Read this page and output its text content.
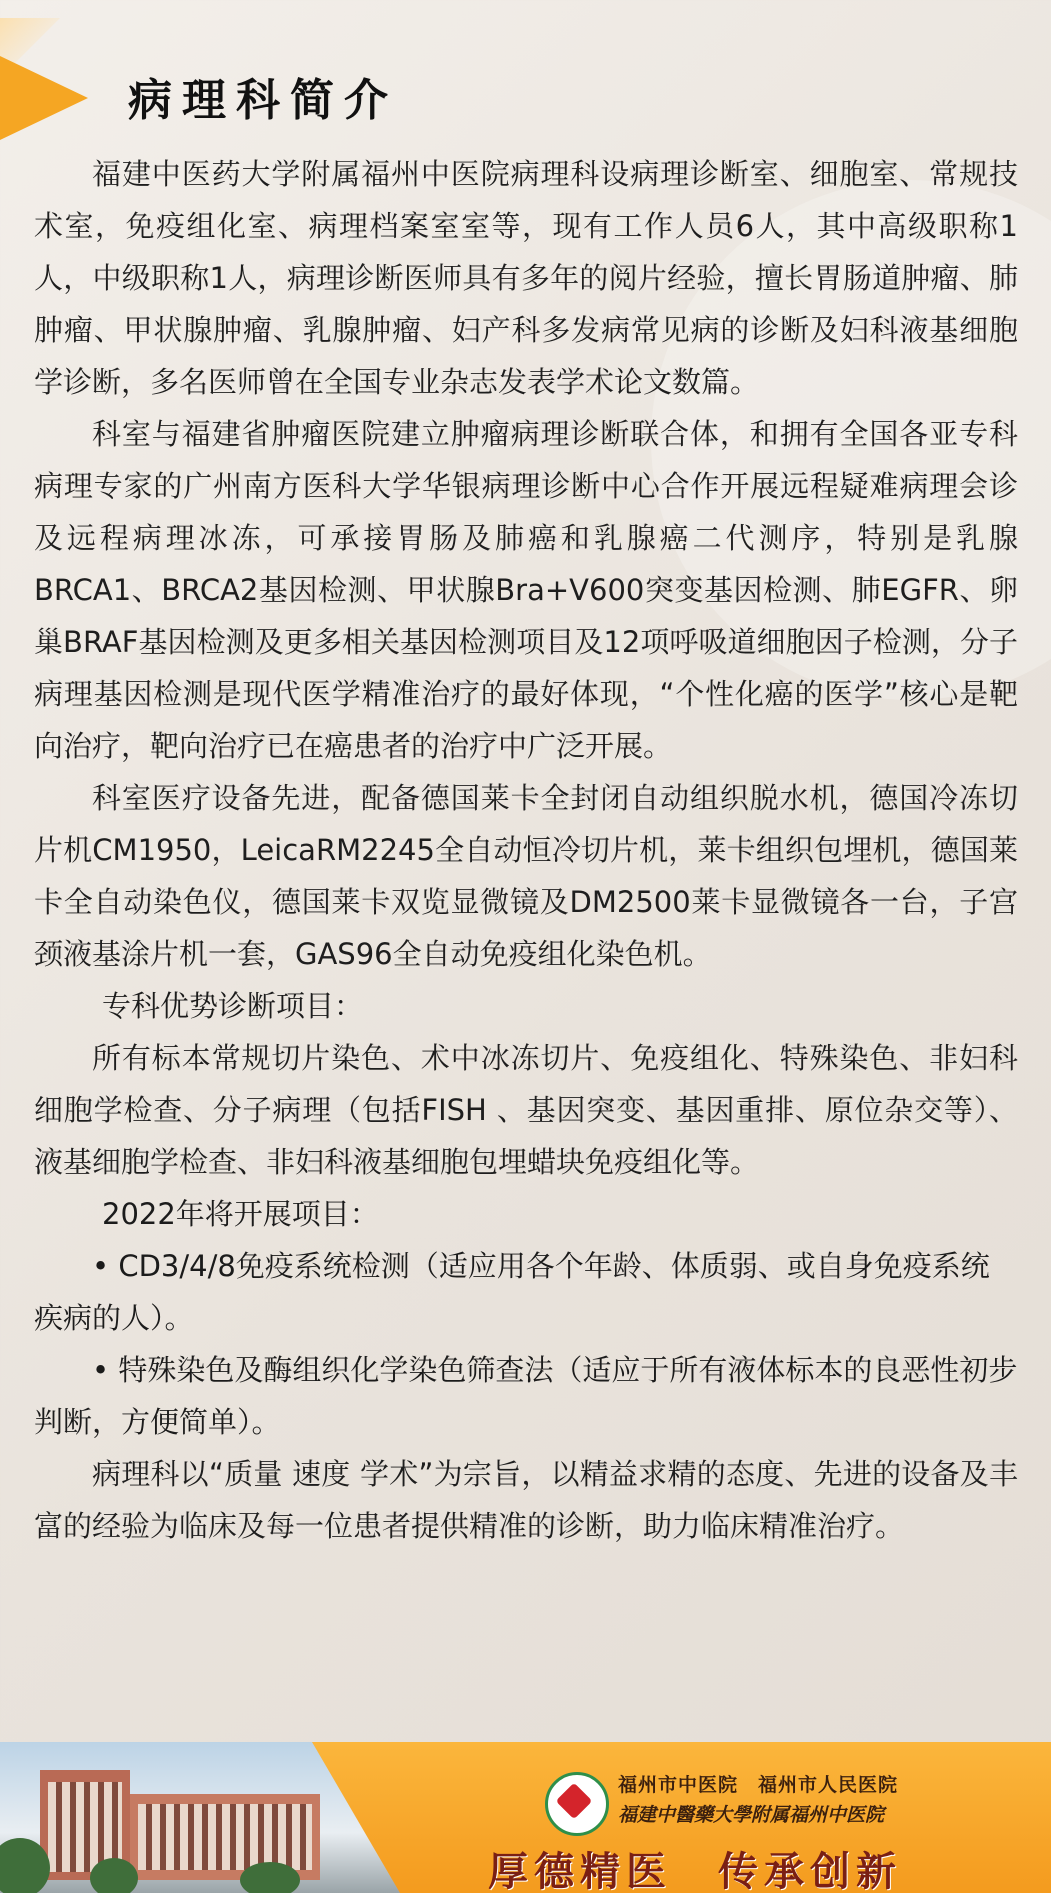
病理科简介

福建中医药大学附属福州中医院病理科设病理诊断室、细胞室、常规技术室，免疫组化室、病理档案室室等，现有工作人员6人，其中高级职称1人，中级职称1人，病理诊断医师具有多年的阅片经验，擅长胃肠道肿瘤、肺肿瘤、甲状腺肿瘤、乳腺肿瘤、妇产科多发病常见病的诊断及妇科液基细胞学诊断，多名医师曾在全国专业杂志发表学术论文数篇。

科室与福建省肿瘤医院建立肿瘤病理诊断联合体，和拥有全国各亚专科病理专家的广州南方医科大学华银病理诊断中心合作开展远程疑难病理会诊及远程病理冰冻，可承接胃肠及肺癌和乳腺癌二代测序，特别是乳腺BRCA1、BRCA2基因检测、甲状腺Bra+V600突变基因检测、肺EGFR、卵巢BRAF基因检测及更多相关基因检测项目及12项呼吸道细胞因子检测，分子病理基因检测是现代医学精准治疗的最好体现，“个性化癌的医学”核心是靶向治疗，靶向治疗已在癌患者的治疗中广泛开展。

科室医疗设备先进，配备德国莱卡全封闭自动组织脱水机，德国冷冻切片机CM1950，LeicaRM2245全自动恒冷切片机，莱卡组织包埋机，德国莱卡全自动染色仪，德国莱卡双览显微镜及DM2500莱卡显微镜各一台，子宫颈液基涂片机一套，GAS96全自动免疫组化染色机。

专科优势诊断项目：

所有标本常规切片染色、术中冰冻切片、免疫组化、特殊染色、非妇科细胞学检查、分子病理（包括FISH 、基因突变、基因重排、原位杂交等）、液基细胞学检查、非妇科液基细胞包埋蜡块免疫组化等。

2022年将开展项目：

• CD3/4/8免疫系统检测（适应用各个年龄、体质弱、或自身免疫系统疾病的人）。

• 特殊染色及酶组织化学染色筛查法（适应于所有液体标本的良恶性初步判断，方便简单）。

病理科以“质量 速度 学术”为宗旨，以精益求精的态度、先进的设备及丰富的经验为临床及每一位患者提供精准的诊断，助力临床精准治疗。

福州市中医院　福州市人民医院
福建中醫藥大學附属福州中医院
厚德精医　传承创新
